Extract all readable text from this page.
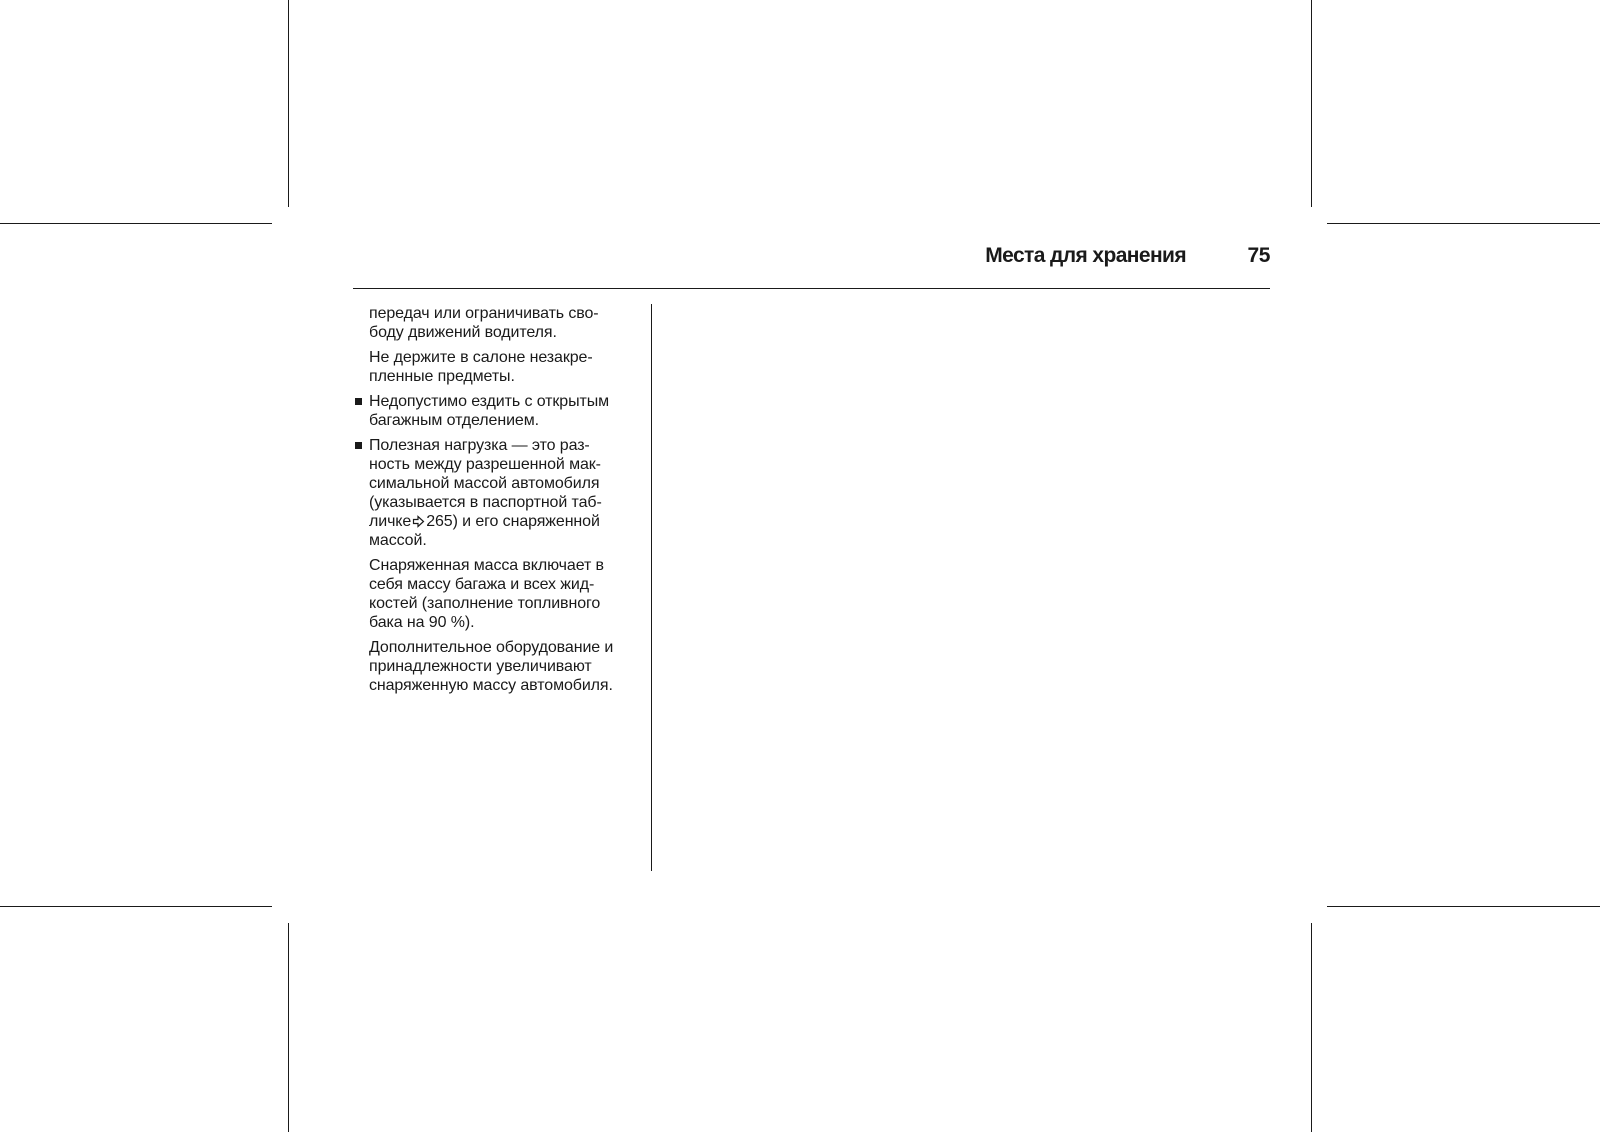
Места для хранения	75
передач или ограничивать сво-
боду движений водителя.
Не держите в салоне незакре-
пленные предметы.
Недопустимо ездить с открытым
багажным отделением.
Полезная нагрузка — это раз-
ность между разрешенной мак-
симальной массой автомобиля
(указывается в паспортной таб-
личке 265) и его снаряженной
массой.
Снаряженная масса включает в
себя массу багажа и всех жид-
костей (заполнение топливного
бака на 90 %).
Дополнительное оборудование и
принадлежности увеличивают
снаряженную массу автомобиля.
